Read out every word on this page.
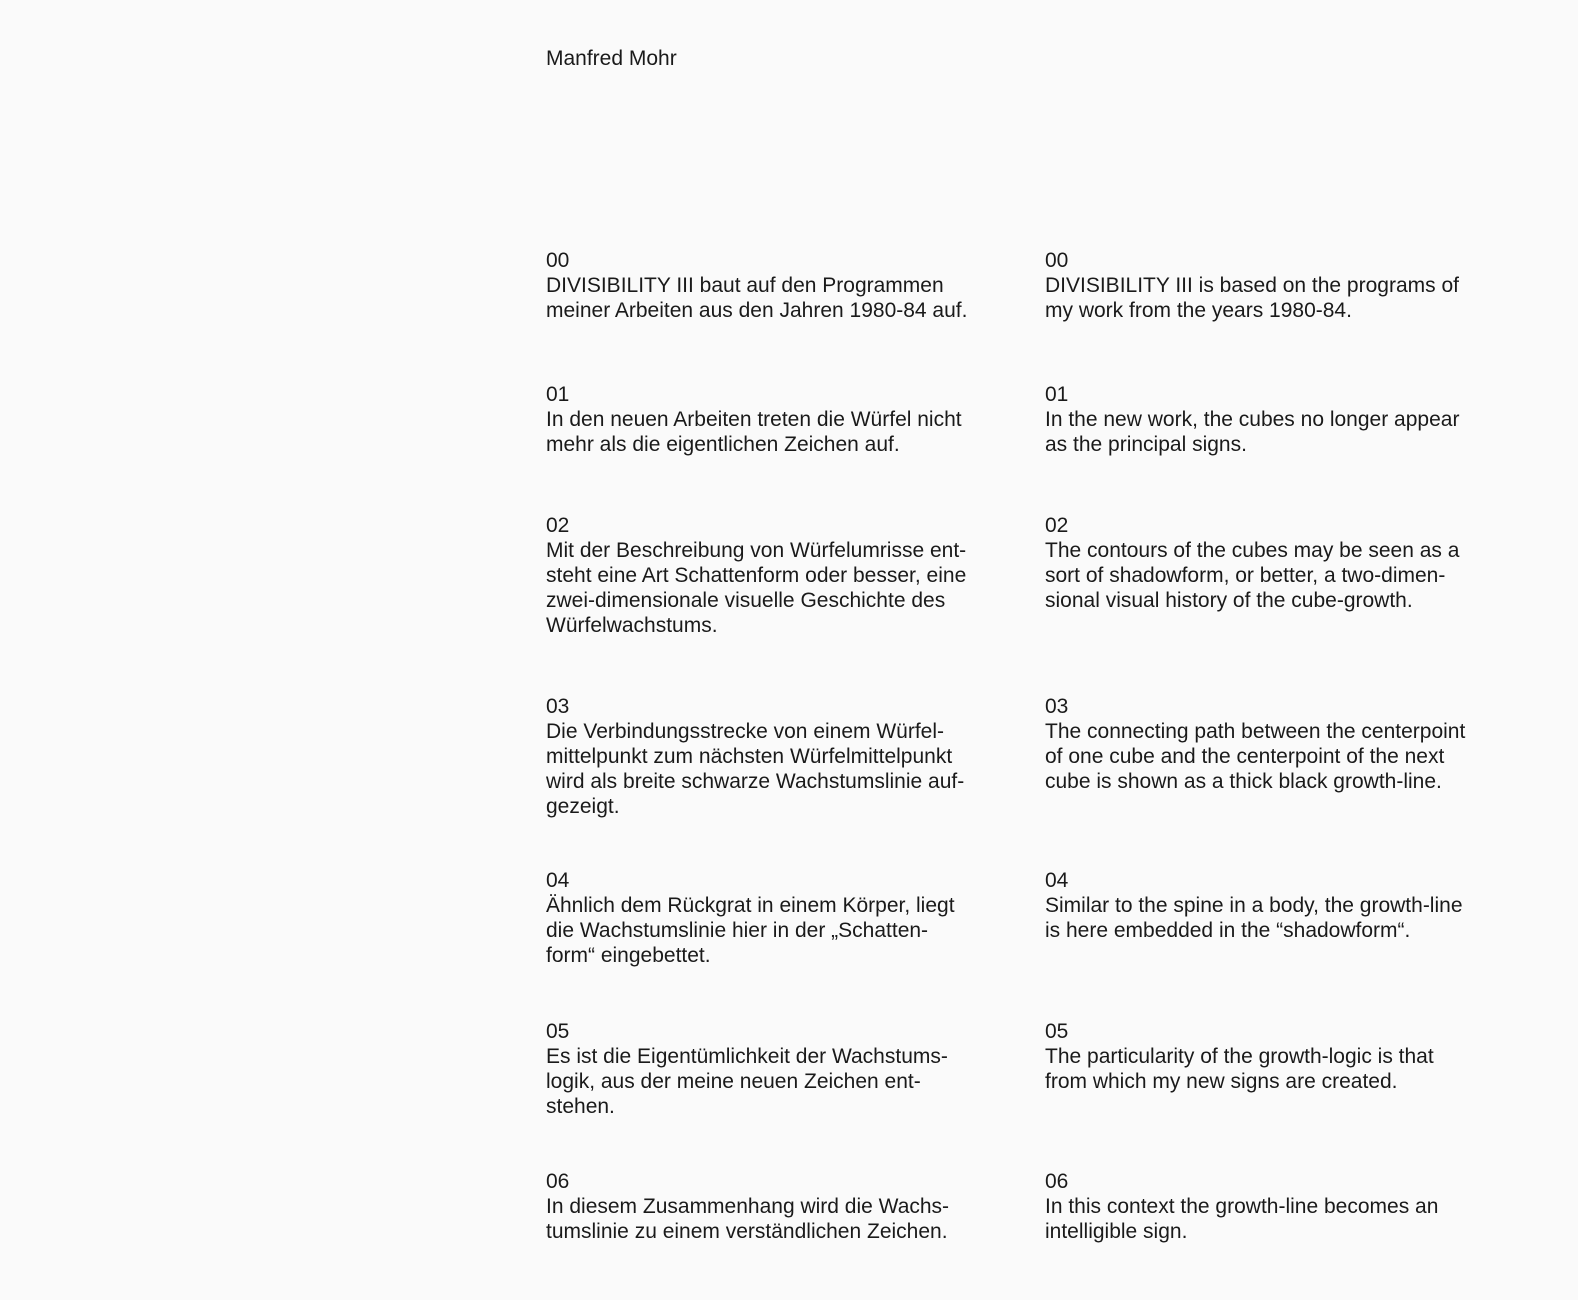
Manfred Mohr
00
DIVISIBILITY III baut auf den Programmen
meiner Arbeiten aus den Jahren 1980-84 auf.
01
In den neuen Arbeiten treten die Würfel nicht
mehr als die eigentlichen Zeichen auf.
02
Mit der Beschreibung von Würfelumrisse ent-
steht eine Art Schattenform oder besser, eine
zwei-dimensionale visuelle Geschichte des
Würfelwachstums.
03
Die Verbindungsstrecke von einem Würfel-
mittelpunkt zum nächsten Würfelmittelpunkt
wird als breite schwarze Wachstumslinie auf-
gezeigt.
04
Ähnlich dem Rückgrat in einem Körper, liegt
die Wachstumslinie hier in der „Schatten-
form“ eingebettet.
05
Es ist die Eigentümlichkeit der Wachstums-
logik, aus der meine neuen Zeichen ent-
stehen.
06
In diesem Zusammenhang wird die Wachs-
tumslinie zu einem verständlichen Zeichen.
00
DIVISIBILITY III is based on the programs of
my work from the years 1980-84.
01
In the new work, the cubes no longer appear
as the principal signs.
02
The contours of the cubes may be seen as a
sort of shadowform, or better, a two-dimen-
sional visual history of the cube-growth.
03
The connecting path between the centerpoint
of one cube and the centerpoint of the next
cube is shown as a thick black growth-line.
04
Similar to the spine in a body, the growth-line
is here embedded in the “shadowform“.
05
The particularity of the growth-logic is that
from which my new signs are created.
06
In this context the growth-line becomes an
intelligible sign.
